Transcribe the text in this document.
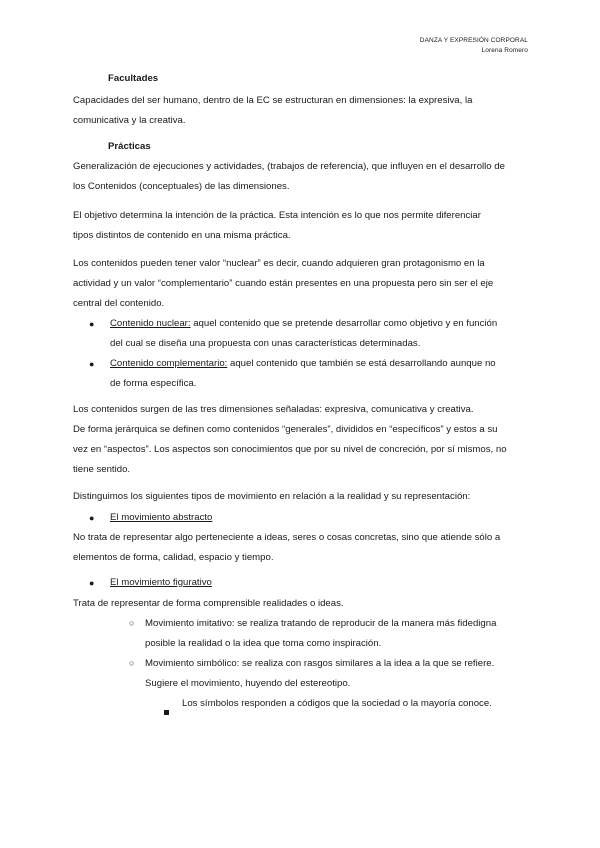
DANZA Y EXPRESIÓN CORPORAL
Lorena Romero
Facultades
Capacidades del ser humano, dentro de la EC se estructuran en dimensiones: la expresiva, la
comunicativa y la creativa.
Prácticas
Generalización de ejecuciones y actividades, (trabajos de referencia), que influyen en el desarrollo de
los Contenidos (conceptuales) de las dimensiones.
El objetivo determina la intención de la práctica. Esta intención es lo que nos permite diferenciar
tipos distintos de contenido en una misma práctica.
Los contenidos pueden tener valor “nuclear” es decir, cuando adquieren gran protagonismo en la
actividad y un valor “complementario” cuando están presentes en una propuesta pero sin ser el eje
central del contenido.
● Contenido nuclear: aquel contenido que se pretende desarrollar como objetivo y en función
del cual se diseña una propuesta con unas características determinadas.
● Contenido complementario: aquel contenido que también se está desarrollando aunque no
de forma específica.
Los contenidos surgen de las tres dimensiones señaladas: expresiva, comunicativa y creativa.
De forma jerárquica se definen como contenidos “generales”, divididos en “específicos” y estos a su
vez en “aspectos”. Los aspectos son conocimientos que por su nivel de concreción, por sí mismos, no
tiene sentido.
Distinguimos los siguientes tipos de movimiento en relación a la realidad y su representación:
● El movimiento abstracto
No trata de representar algo perteneciente a ideas, seres o cosas concretas, sino que atiende sólo a
elementos de forma, calidad, espacio y tiempo.
● El movimiento figurativo
Trata de representar de forma comprensible realidades o ideas.
○ Movimiento imitativo: se realiza tratando de reproducir de la manera más fidedigna
posible la realidad o la idea que toma como inspiración.
○ Movimiento simbólico: se realiza con rasgos similares a la idea a la que se refiere.
Sugiere el movimiento, huyendo del estereotipo.
Los símbolos responden a códigos que la sociedad o la mayoría conoce.
